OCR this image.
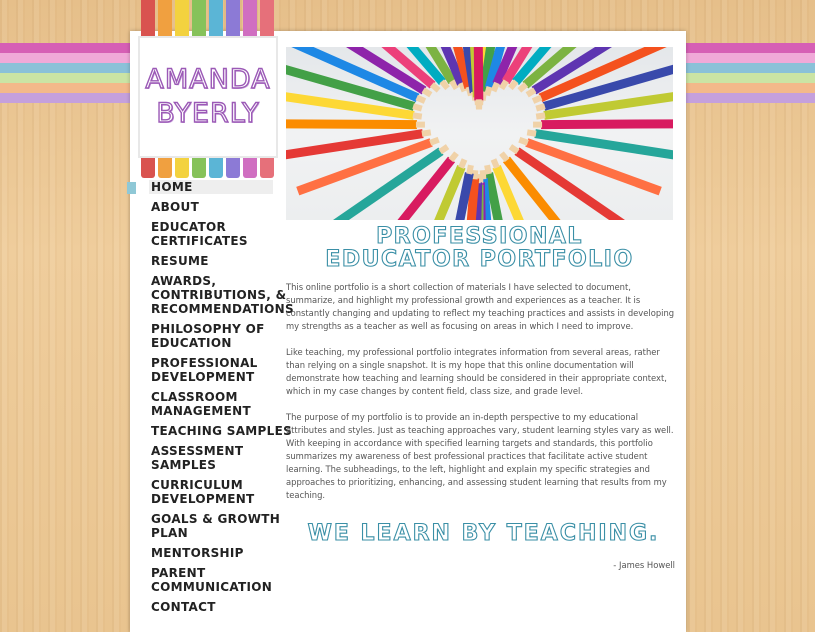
AMANDA
BYERLY
HOME
ABOUT
EDUCATOR CERTIFICATES
RESUME
AWARDS, CONTRIBUTIONS, & RECOMMENDATIONS
PHILOSOPHY OF EDUCATION
PROFESSIONAL DEVELOPMENT
CLASSROOM MANAGEMENT
TEACHING SAMPLES
ASSESSMENT SAMPLES
CURRICULUM DEVELOPMENT
GOALS & GROWTH PLAN
MENTORSHIP
PARENT COMMUNICATION
CONTACT
PROFESSIONAL
EDUCATOR PORTFOLIO

This online portfolio is a short collection of materials I have selected to document, summarize, and highlight my professional growth and experiences as a teacher. It is constantly changing and updating to reflect my teaching practices and assists in developing my strengths as a teacher as well as focusing on areas in which I need to improve.

Like teaching, my professional portfolio integrates information from several areas, rather than relying on a single snapshot. It is my hope that this online documentation will demonstrate how teaching and learning should be considered in their appropriate context, which in my case changes by content field, class size, and grade level.

The purpose of my portfolio is to provide an in-depth perspective to my educational attributes and styles. Just as teaching approaches vary, student learning styles vary as well. With keeping in accordance with specified learning targets and standards, this portfolio summarizes my awareness of best professional practices that facilitate active student learning. The subheadings, to the left, highlight and explain my specific strategies and approaches to prioritizing, enhancing, and assessing student learning that results from my teaching.

WE LEARN BY TEACHING.
- James Howell
